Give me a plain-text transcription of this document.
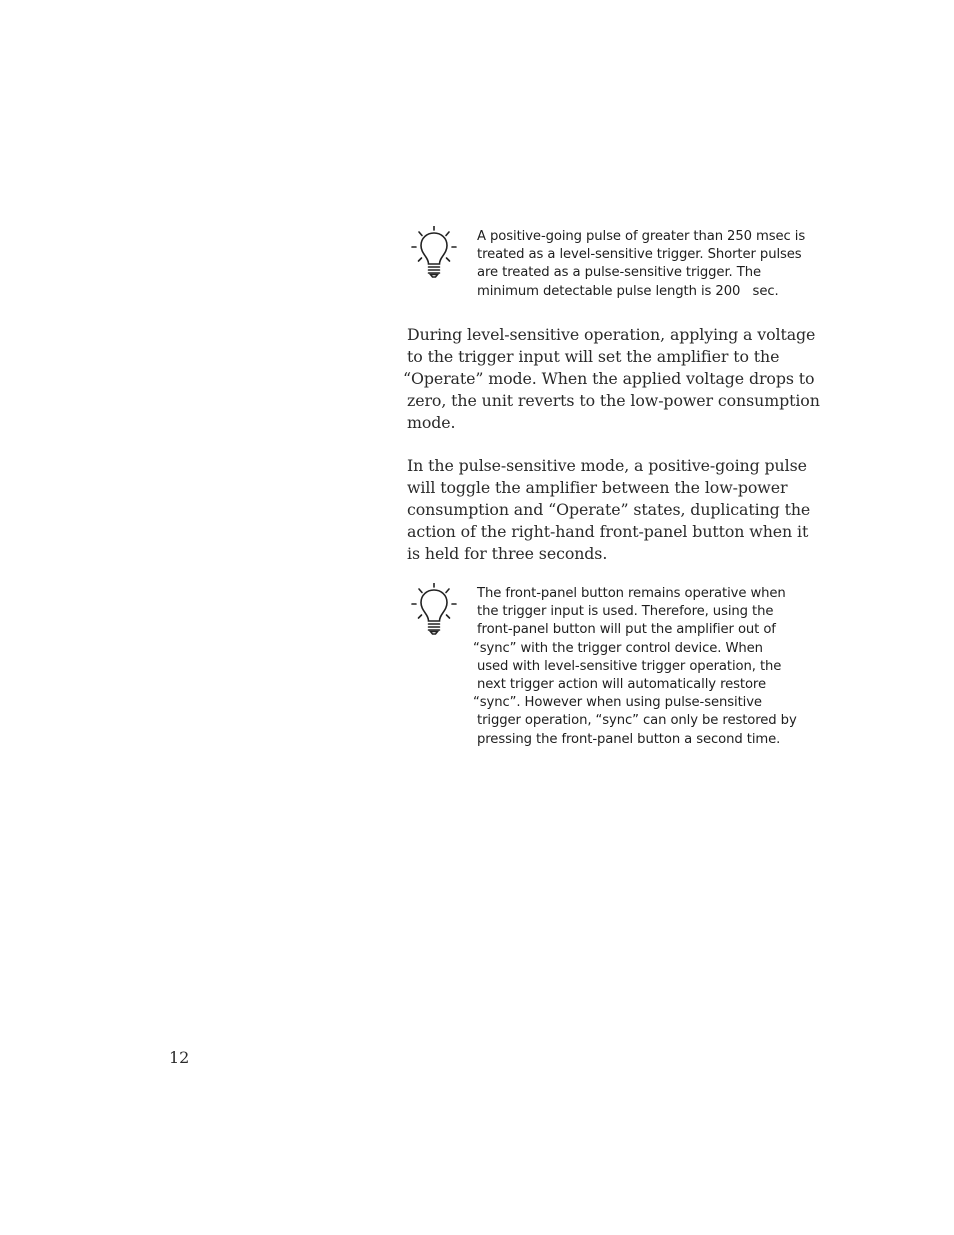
A positive-going pulse of greater than 250 msec is
treated as a level-sensitive trigger. Shorter pulses
are treated as a pulse-sensitive trigger. The
minimum detectable pulse length is 200   sec.
During level-sensitive operation, applying a voltage
to the trigger input will set the amplifier to the
“Operate” mode. When the applied voltage drops to
zero, the unit reverts to the low-power consumption
mode.
In the pulse-sensitive mode, a positive-going pulse
will toggle the amplifier between the low-power
consumption and “Operate” states, duplicating the
action of the right-hand front-panel button when it
is held for three seconds.
The front-panel button remains operative when
the trigger input is used. Therefore, using the
front-panel button will put the amplifier out of
“sync” with the trigger control device. When
used with level-sensitive trigger operation, the
next trigger action will automatically restore
“sync”. However when using pulse-sensitive
trigger operation, “sync” can only be restored by
pressing the front-panel button a second time.
12
